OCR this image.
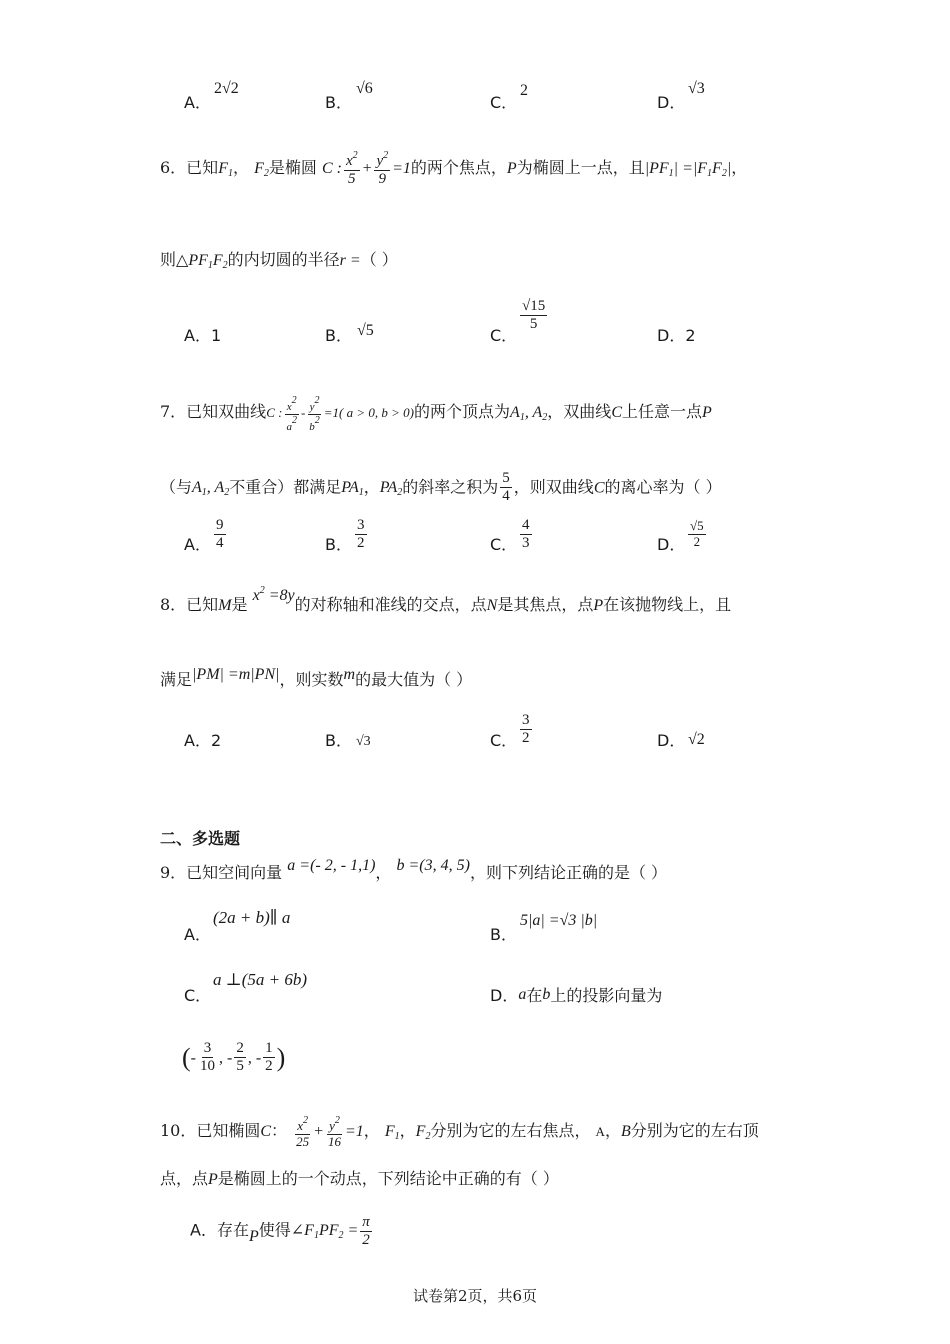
A．
2√2
B．
√6
C．
2
D．
√3
6．已知$F_1$， $F_2$是椭圆 C : $\frac{x^2}{5} + \frac{y^2}{9} =1$的两个焦点，P为椭圆上一点，且$|PF_1| =|F_1F_2|$，
则$\triangle PF_1F_2$的内切圆的半径r =（ ）
A．1	B． √5	C．
$\frac{√15}{5}$
D．2
7．已知双曲线C : $\frac{x2}{a2} - \frac{y2}{b2} =1$( a > 0, b > 0)的两个顶点为$A_1$, $A_2$，双曲线C上任意一点P
（与$A_1$, $A_2$不重合）都满足$PA_1$，$PA_2$的斜率之积为 $\frac{5}{4}$ ，则双曲线C的离心率为（ ）
A． $\frac{9}{4}$	B． $\frac{3}{2}$	C． $\frac{4}{3}$	D． $\frac{√5}{2}$
8．已知M是 $x^2 =8y$的对称轴和准线的交点，点N是其焦点，点P在该抛物线上，且
满足|PM| =m|PN|，则实数m的最大值为（ ）
A．2	B． √3	C． $\frac{3}{2}$	D． √2
二、多选题
9．已知空间向量 a =(- 2, - 1,1)， b =(3, 4, 5)，则下列结论正确的是（ ）
A．
(2a + b)∥ a
B．
5|a| =√3 |b|
C．
a ⊥(5a + 6b)
D．a在b上的投影向量为
(- $\frac{3}{10}$ , - $\frac{2}{5}$ , - $\frac{1}{2}$ )
10．已知椭圆C： $\frac{x^2}{25} + \frac{y^2}{16} =1$， $F_1$，$F_2$分别为它的左右焦点， A，B分别为它的左右顶
点，点P是椭圆上的一个动点，下列结论中正确的有（ ）
A．存在P使得$\angle F_1PF_2 = \frac{\pi}{2}$
试卷第2页，共6页
